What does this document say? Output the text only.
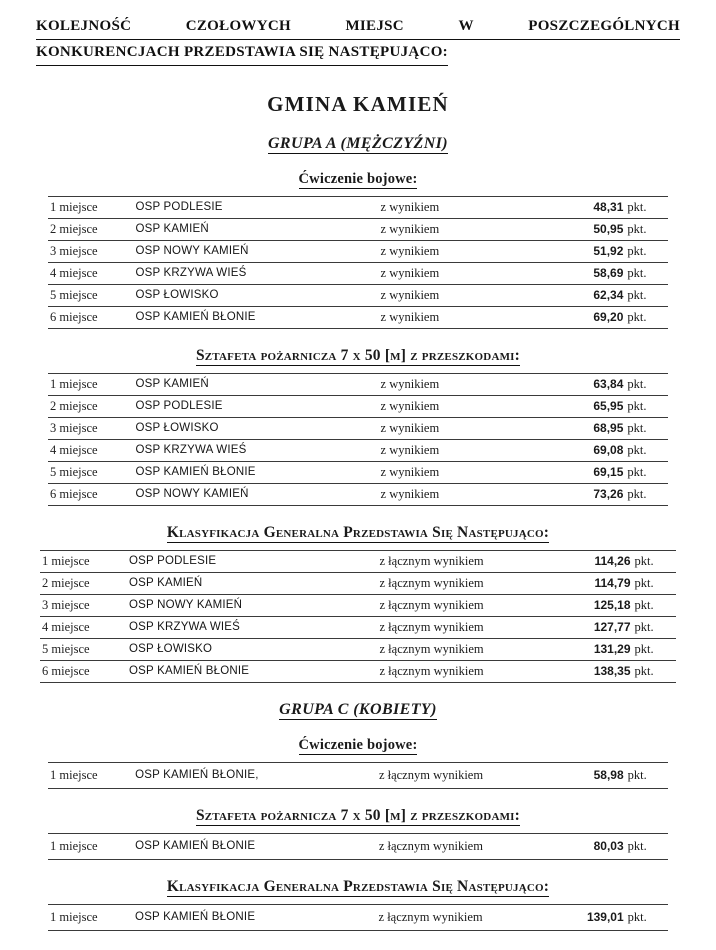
KOLEJNOŚĆ	CZOŁOWYCH	MIEJSC	W	POSZCZEGÓLNYCH
KONKURENCJACH PRZEDSTAWIA SIĘ NASTĘPUJĄCO:
GMINA KAMIEŃ
GRUPA A (MĘŻCZYŹNI)
Ćwiczenie bojowe:
1 miejsce	OSP PODLESIE	z wynikiem	48,31	pkt.
2 miejsce	OSP KAMIEŃ	z wynikiem	50,95	pkt.
3 miejsce	OSP NOWY KAMIEŃ	z wynikiem	51,92	pkt.
4 miejsce	OSP KRZYWA WIEŚ	z wynikiem	58,69	pkt.
5 miejsce	OSP ŁOWISKO	z wynikiem	62,34	pkt.
6 miejsce	OSP KAMIEŃ BŁONIE	z wynikiem	69,20	pkt.
Sztafeta pożarnicza 7 x 50 [m] z przeszkodami:
1 miejsce	OSP KAMIEŃ	z wynikiem	63,84	pkt.
2 miejsce	OSP PODLESIE	z wynikiem	65,95	pkt.
3 miejsce	OSP ŁOWISKO	z wynikiem	68,95	pkt.
4 miejsce	OSP KRZYWA WIEŚ	z wynikiem	69,08	pkt.
5 miejsce	OSP KAMIEŃ BŁONIE	z wynikiem	69,15	pkt.
6 miejsce	OSP NOWY KAMIEŃ	z wynikiem	73,26	pkt.
Klasyfikacja Generalna Przedstawia Się Następująco:
1 miejsce	OSP PODLESIE	z łącznym wynikiem	114,26	pkt.
2 miejsce	OSP KAMIEŃ	z łącznym wynikiem	114,79	pkt.
3 miejsce	OSP NOWY KAMIEŃ	z łącznym wynikiem	125,18	pkt.
4 miejsce	OSP KRZYWA WIEŚ	z łącznym wynikiem	127,77	pkt.
5 miejsce	OSP ŁOWISKO	z łącznym wynikiem	131,29	pkt.
6 miejsce	OSP KAMIEŃ BŁONIE	z łącznym wynikiem	138,35	pkt.
GRUPA C (KOBIETY)
Ćwiczenie bojowe:
1 miejsce	OSP KAMIEŃ BŁONIE,	z łącznym wynikiem	58,98	pkt.
Sztafeta pożarnicza 7 x 50 [m] z przeszkodami:
1 miejsce	OSP KAMIEŃ BŁONIE	z łącznym wynikiem	80,03	pkt.
Klasyfikacja Generalna Przedstawia Się Następująco:
1 miejsce	OSP KAMIEŃ BŁONIE	z łącznym wynikiem	139,01	pkt.
